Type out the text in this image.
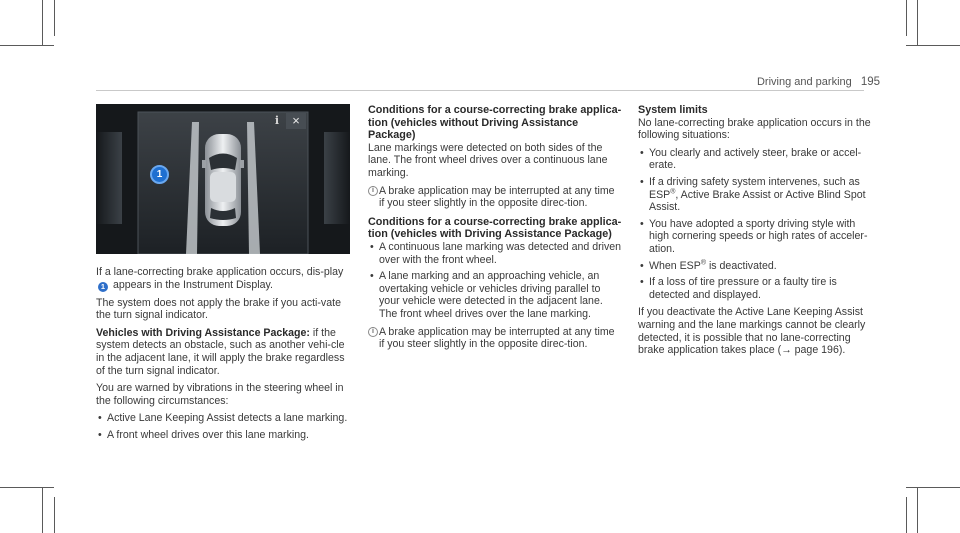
Driving and parking 195
i	×
1

If a lane-correcting brake application occurs, dis-play 1 appears in the Instrument Display.

The system does not apply the brake if you acti-vate the turn signal indicator.

Vehicles with Driving Assistance Package: if the system detects an obstacle, such as another vehi-cle in the adjacent lane, it will apply the brake regardless of the turn signal indicator.

You are warned by vibrations in the steering wheel in the following circumstances:

• Active Lane Keeping Assist detects a lane marking.
• A front wheel drives over this lane marking.
Conditions for a course-correcting brake applica-tion (vehicles without Driving Assistance Package)

Lane markings were detected on both sides of the lane. The front wheel drives over a continuous lane marking.

i A brake application may be interrupted at any time if you steer slightly in the opposite direc-tion.
Conditions for a course-correcting brake applica-tion (vehicles with Driving Assistance Package)
• A continuous lane marking was detected and driven over with the front wheel.
• A lane marking and an approaching vehicle, an overtaking vehicle or vehicles driving parallel to your vehicle were detected in the adjacent lane. The front wheel drives over the lane marking.
i A brake application may be interrupted at any time if you steer slightly in the opposite direc-tion.
System limits

No lane-correcting brake application occurs in the following situations:

• You clearly and actively steer, brake or accel-erate.
• If a driving safety system intervenes, such as ESP®, Active Brake Assist or Active Blind Spot Assist.
• You have adopted a sporty driving style with high cornering speeds or high rates of acceler-ation.
• When ESP® is deactivated.
• If a loss of tire pressure or a faulty tire is detected and displayed.

If you deactivate the Active Lane Keeping Assist warning and the lane markings cannot be clearly detected, it is possible that no lane-correcting brake application takes place (→ page 196).
